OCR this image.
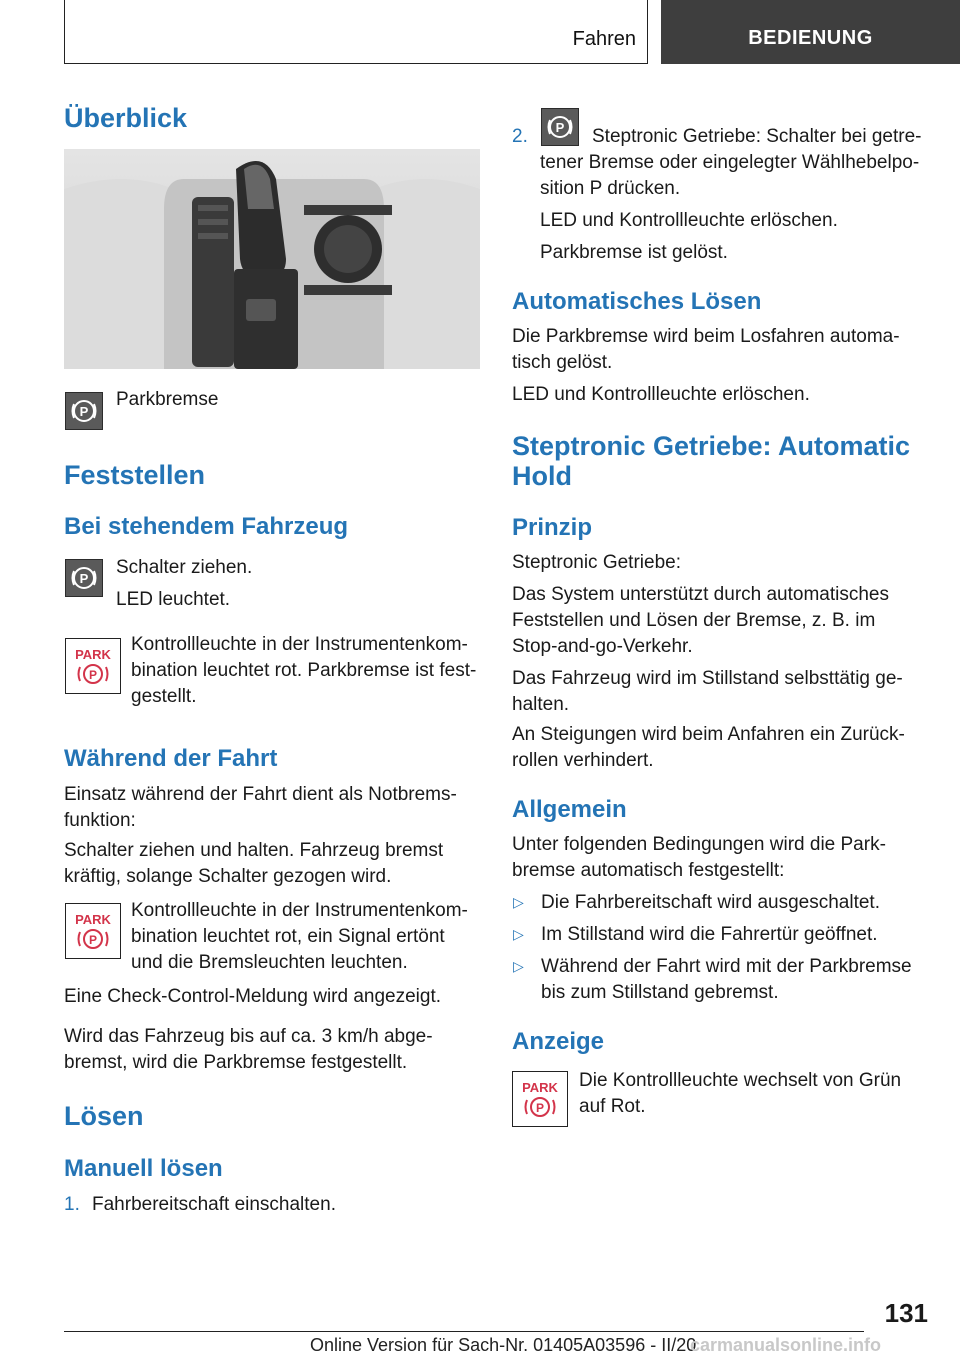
Fahren	BEDIENUNG
Überblick
P
Parkbremse
Feststellen
Bei stehendem Fahrzeug
P
Schalter ziehen.
LED leuchtet.
PARK
P
Kontrollleuchte in der Instrumentenkom-
bination leuchtet rot. Parkbremse ist fest-
gestellt.
Während der Fahrt
Einsatz während der Fahrt dient als Notbrems-
funktion:
Schalter ziehen und halten. Fahrzeug bremst
kräftig, solange Schalter gezogen wird.
PARK
P
Kontrollleuchte in der Instrumentenkom-
bination leuchtet rot, ein Signal ertönt
und die Bremsleuchten leuchten.
Eine Check-Control-Meldung wird angezeigt.
Wird das Fahrzeug bis auf ca. 3 km/h abge-
bremst, wird die Parkbremse festgestellt.
Lösen
Manuell lösen
1. Fahrbereitschaft einschalten.
2. P Steptronic Getriebe: Schalter bei getre-
tener Bremse oder eingelegter Wählhebelpo-
sition P drücken.
LED und Kontrollleuchte erlöschen.
Parkbremse ist gelöst.
Automatisches Lösen
Die Parkbremse wird beim Losfahren automa-
tisch gelöst.
LED und Kontrollleuchte erlöschen.
Steptronic Getriebe: Automatic
Hold
Prinzip
Steptronic Getriebe:
Das System unterstützt durch automatisches
Feststellen und Lösen der Bremse, z. B. im
Stop-and-go-Verkehr.
Das Fahrzeug wird im Stillstand selbsttätig ge-
halten.
An Steigungen wird beim Anfahren ein Zurück-
rollen verhindert.
Allgemein
Unter folgenden Bedingungen wird die Park-
bremse automatisch festgestellt:
▷ Die Fahrbereitschaft wird ausgeschaltet.
▷ Im Stillstand wird die Fahrertür geöffnet.
▷ Während der Fahrt wird mit der Parkbremse
bis zum Stillstand gebremst.
Anzeige
PARK
P
Die Kontrollleuchte wechselt von Grün
auf Rot.
131
Online Version für Sach-Nr. 01405A03596 - II/20
carmanualsonline.info
